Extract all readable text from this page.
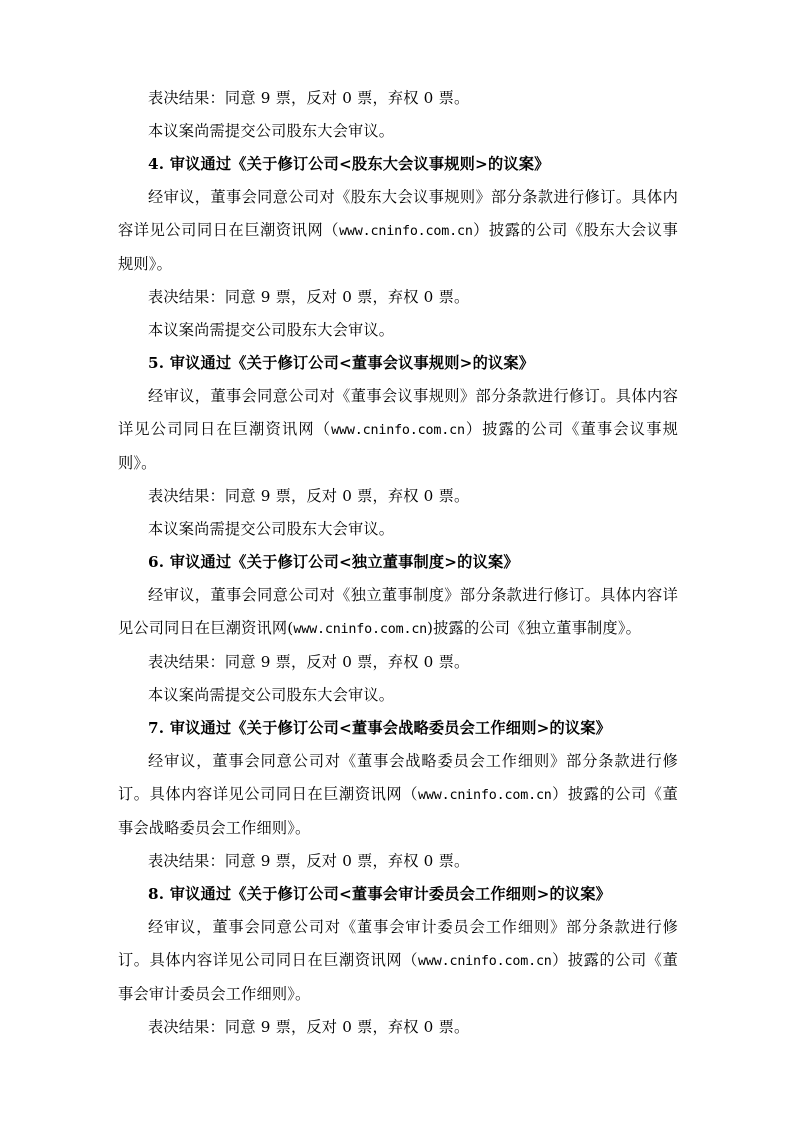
表决结果：同意 9 票，反对 0 票，弃权 0 票。

本议案尚需提交公司股东大会审议。

4. 审议通过《关于修订公司<股东大会议事规则>的议案》

经审议，董事会同意公司对《股东大会议事规则》部分条款进行修订。具体内容详见公司同日在巨潮资讯网（www.cninfo.com.cn）披露的公司《股东大会议事规则》。

表决结果：同意 9 票，反对 0 票，弃权 0 票。

本议案尚需提交公司股东大会审议。

5. 审议通过《关于修订公司<董事会议事规则>的议案》

经审议，董事会同意公司对《董事会议事规则》部分条款进行修订。具体内容详见公司同日在巨潮资讯网（www.cninfo.com.cn）披露的公司《董事会议事规则》。

表决结果：同意 9 票，反对 0 票，弃权 0 票。

本议案尚需提交公司股东大会审议。

6. 审议通过《关于修订公司<独立董事制度>的议案》

经审议，董事会同意公司对《独立董事制度》部分条款进行修订。具体内容详见公司同日在巨潮资讯网(www.cninfo.com.cn)披露的公司《独立董事制度》。

表决结果：同意 9 票，反对 0 票，弃权 0 票。

本议案尚需提交公司股东大会审议。

7. 审议通过《关于修订公司<董事会战略委员会工作细则>的议案》

经审议，董事会同意公司对《董事会战略委员会工作细则》部分条款进行修订。具体内容详见公司同日在巨潮资讯网（www.cninfo.com.cn）披露的公司《董事会战略委员会工作细则》。

表决结果：同意 9 票，反对 0 票，弃权 0 票。

8. 审议通过《关于修订公司<董事会审计委员会工作细则>的议案》

经审议，董事会同意公司对《董事会审计委员会工作细则》部分条款进行修订。具体内容详见公司同日在巨潮资讯网（www.cninfo.com.cn）披露的公司《董事会审计委员会工作细则》。

表决结果：同意 9 票，反对 0 票，弃权 0 票。
